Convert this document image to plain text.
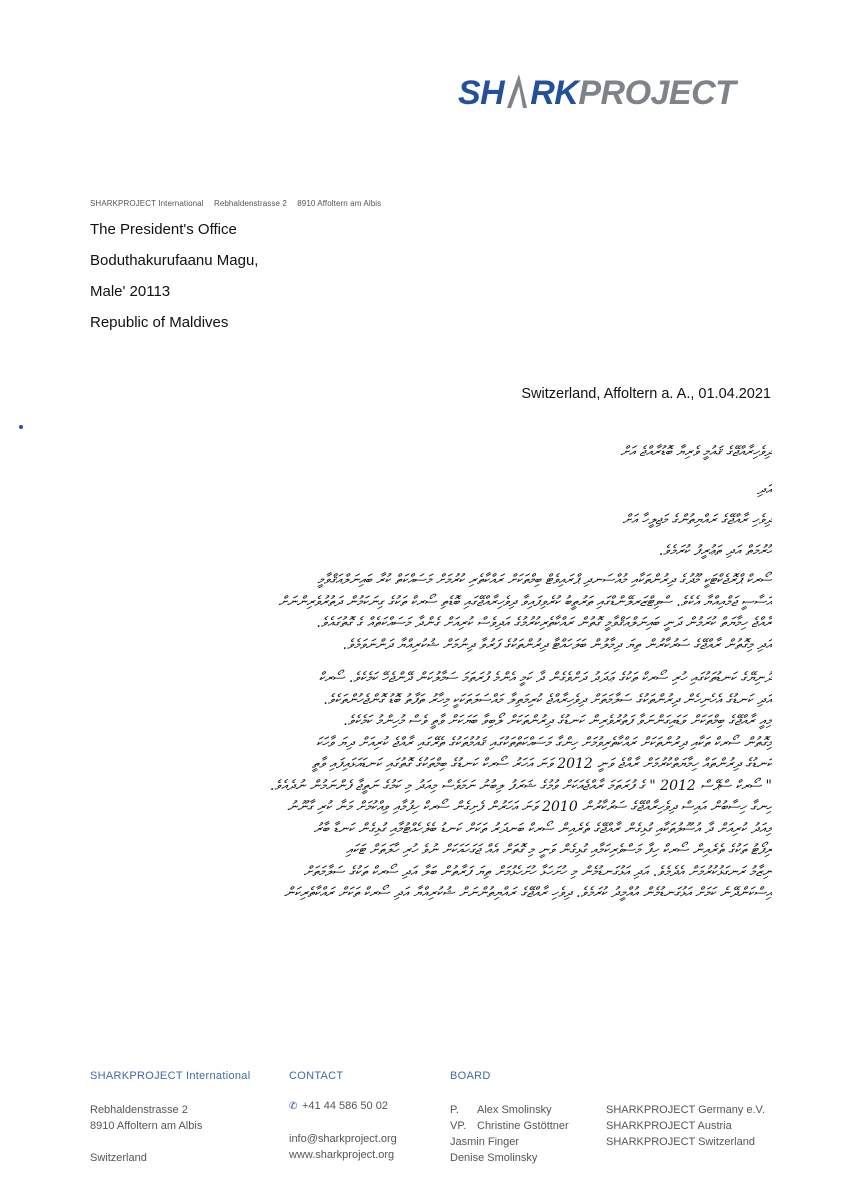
SH RKPROJECT
SHARKPROJECT International Rebhaldenstrasse 2 8910 Affoltern am Albis
The President's Office
Boduthakurufaanu Magu,
Male' 20113
Republic of Maldives
Switzerland, Affoltern a. A., 01.04.2021
ދިވެހިރާއްޖޭގެ ޤައުމީ ވެރިޔާ ބޮޑުރާއްޖެ އަށް
އަދި
ދިވެހި ރާއްޖޭގެ ރައްޔިތުންގެ މަޖިލީހާ އަށް
ޙުރުމަތް އަދި ތަޢުރީފު ކުރަމެވެ.
ސޯރކް ޕްރޮޖެކްޓަކީ މޫދުގެ ދިރުންތަކާއި މުއްސަނދި ޕްރައިވެޓް ބިމްތަކަށް ރައްކާތެރި ކުރުމަށް މަސައްކަތް ކުރާ ބައިނަލްއަޤްވާމީ
އަސާސީ ޖަމްއިއްޔާ އެކެވެ. ސްވިޓްޒަރލޭންޑްގައި ތަރުތީބު ކުރެވިފައިވާ ދިވެހިރާއްޖޭގައި ބޮޑެތި ސޯރކް ތަކުގެ ގިނަކަމުން ދަތުރުވެރިންނަށް
ރާއްޖެ ހިމާޔަތް ކުރަމުން ދަނީ ބައިނަލްއަޤްވާމީ ގޮތުން ރައްކާތެރިކުރުމުގެ އަދިވެސް ކުރިއަށް ގެންދާ މަސައްކަތެއް ގެ ގޮތުގައެވެ.
އަދި މިގޮތުން ރާއްޖޭގެ ސަރުކާރުން ތިޔަ ދިމާލުން ބަލަހައްޓާ ދިރުންތަކުގެ ފަރުވާ ދިނުމަށް ޝުކުރިއްޔާ ދަންނަވަމެވެ.
ދުނިޔޭގެ ކަނޑުތަކުގައި ހުރި ސޯރކް ތަކުގެ ޢަދަދު ދަށްވެގެން ދާ ކަމީ އެންމެ ފުރަތަމަ ސަމާލުކަން ދޭންޖެހޭ ކަމެކެވެ. ސޯރކް
އަދި ކަނޑުގެ އެހެނިހެން ދިރުންތަކުގެ ސަލާމަތަށް ދިވެހިރާއްޖެ ކުރިމަތިލާ މައްސަލަތަކަކީ މިހާރު ތަފާތު ބޮޑު ގޮންޖެހުންތަކެވެ.
މިއީ ރާއްޖޭގެ ބިމްތަކަށް ވަޑައިގަންނަވާ ފަތުރުވެރިން ކަނޑުގެ ދިރުންތަކަށް ލޯބިވާ ބަޔަކަށް ވާތީ ވެސް މުހިންމު ކަމެކެވެ.
މިގޮތުން ސޯރކް ތަކާއި ދިރުންތަކަށް ރައްކާތެރިވުމަށް ހިންގާ މަސައްކަތްތަކުގައި ޤައުމުތަކުގެ ތެރޭގައި ރާއްޖެ ކުރިއަށް ދިޔަ ވާހަކަ
ކަނޑުގެ ދިރުންތައް ހިމާޔަތްކުރުމަށް ރާއްޖެ ވަނީ 2012 ވަނަ އަހަރު ސޯރކް ކަނޑުގެ ބިމްތަކުގެ ގޮތުގައި ކަނޑައަޅައިފައި ވާތީ
" ސޯރކް ސްޕޭސް 2012 " ގެ ފުރަތަމަ ރާއްޖެއަކަށް ވުމުގެ ޝަރަފު ލިބުނު ނަމަވެސް މިއަދު މި ކަމުގެ ނަތީޖާ ފެންނަމުން ނުދެއެވެ.
ހިނގާ ހިސާބުން އައިސް ދިވެހިރާއްޖޭގެ ސަރުކާރުން 2010 ވަނަ އަހަރުން ފެށިގެން ސޯރކް ހިފުމާއި ވިއްކުމަށް މަނާ ކުރި ގާނޫނު
މިއަދު ކުރިއަށް ދާ އުސޫލުތަކާއި ގުޅިގެން ރާއްޖޭގެ ތެރެއިން ސޯރކް ބަނދަރު ތަކަށް ކަނޑު ބެލެހެއްޓުމާއި ގުޅިގެން ކަނޑާ ބާރު
ރިފޯޓު ތަކުގެ ތެރެއިން ސޯރކް ހިފާ މަސްވެރިކަމާއި ގުޅިގެން ވަނީ މި ގޮތަށް އެއް ޖަގަހައަކަށް ނުވެ ހުރި ހާލަތަށް ޓަކައި
ނިޒާމު ރަނގަޅުކުރުމަށް އެދެމެވެ. އަދި އަޅުގަނޑުމެން މި ހުށަހަޅާ ހުށަހެޅުމަށް ތިޔަ ފަރާތުން ބަލާ އަދި ސޯރކް ތަކުގެ ސަލާމަތަށް
އިސްކަންދޭނެ ކަމަށް އަޅުގަނޑުމެން އުއްމީދު ކުރަމެވެ. ދިވެހި ރާއްޖޭގެ ރައްޔިތުންނަށް ޝުކުރިއްޔާ އަދި ސޯރކް ތަކަށް ރައްކާތެރިކަން
SHARKPROJECT International
Rebhaldenstrasse 2
8910 Affoltern am Albis
Switzerland
CONTACT
✆ +41 44 586 50 02
info@sharkproject.org
www.sharkproject.org
BOARD
P.	Alex Smolinsky
VP. Christine Gstöttner
Jasmin Finger
Denise Smolinsky
SHARKPROJECT Germany e.V.
SHARKPROJECT Austria
SHARKPROJECT Switzerland
